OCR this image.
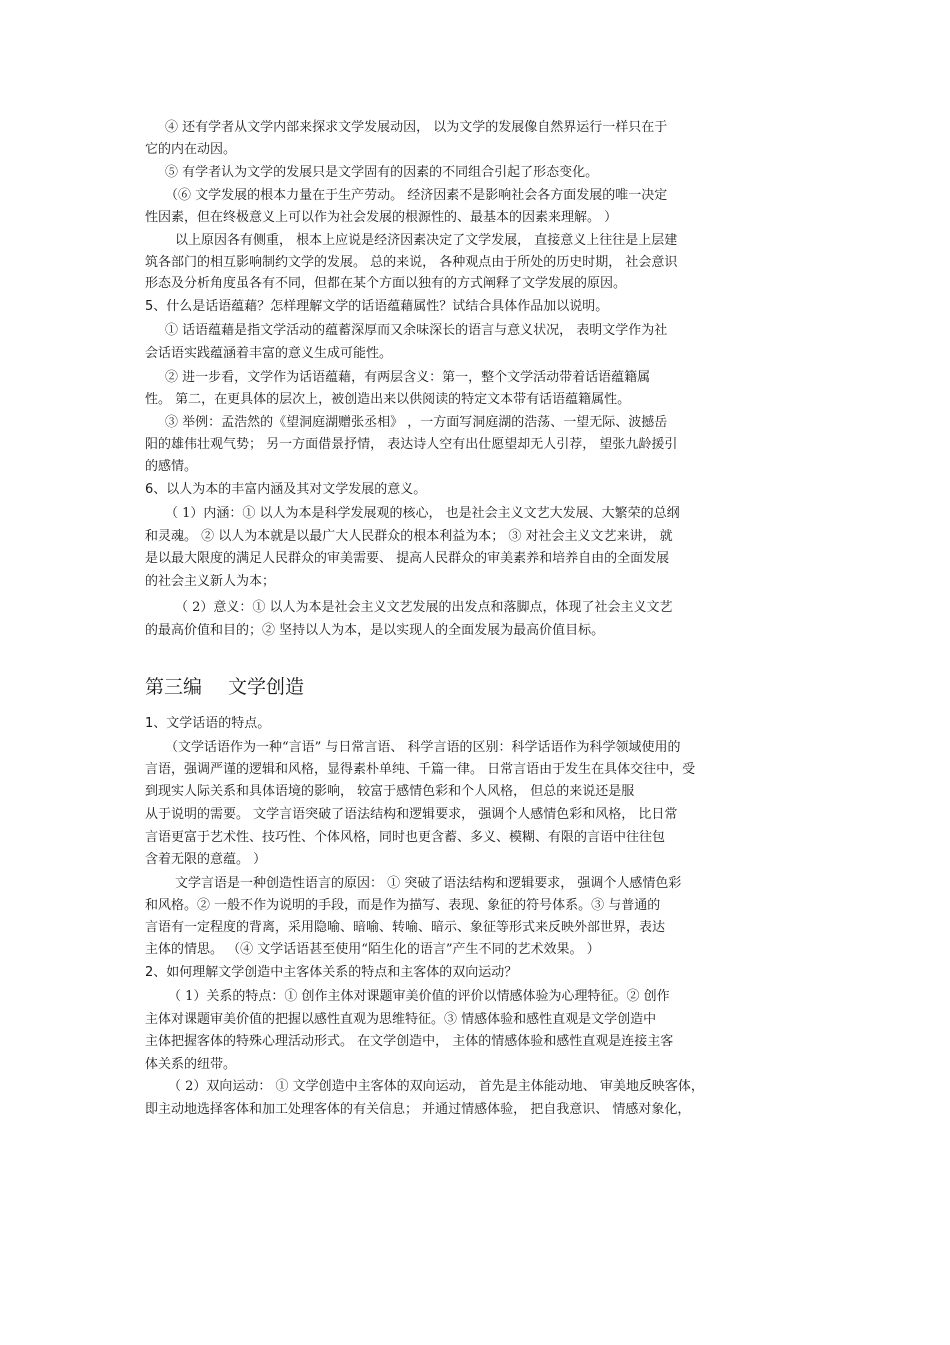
④ 还有学者从文学内部来探求文学发展动因， 以为文学的发展像自然界运行一样只在于
它的内在动因。
⑤ 有学者认为文学的发展只是文学固有的因素的不同组合引起了形态变化。
（⑥ 文学发展的根本力量在于生产劳动。 经济因素不是影响社会各方面发展的唯一决定
性因素，但在终极意义上可以作为社会发展的根源性的、最基本的因素来理解。 ）
以上原因各有侧重， 根本上应说是经济因素决定了文学发展， 直接意义上往往是上层建
筑各部门的相互影响制约文学的发展。 总的来说， 各种观点由于所处的历史时期， 社会意识
形态及分析角度虽各有不同，但都在某个方面以独有的方式阐释了文学发展的原因。
5、什么是话语蕴藉？怎样理解文学的话语蕴藉属性？试结合具体作品加以说明。
① 话语蕴藉是指文学活动的蕴蓄深厚而又余味深长的语言与意义状况， 表明文学作为社
会话语实践蕴涵着丰富的意义生成可能性。
② 进一步看，文学作为话语蕴藉，有两层含义：第一，整个文学活动带着话语蕴籍属
性。 第二，在更具体的层次上，被创造出来以供阅读的特定文本带有话语蕴籍属性。
③ 举例：孟浩然的《望洞庭湖赠张丞相》 ，一方面写洞庭湖的浩荡、一望无际、波撼岳
阳的雄伟壮观气势； 另一方面借景抒情， 表达诗人空有出仕愿望却无人引荐， 望张九龄援引
的感情。
6、以人为本的丰富内涵及其对文学发展的意义。
（ 1）内涵：① 以人为本是科学发展观的核心， 也是社会主义文艺大发展、大繁荣的总纲
和灵魂。 ② 以人为本就是以最广大人民群众的根本利益为本； ③ 对社会主义文艺来讲， 就
是以最大限度的满足人民群众的审美需要、 提高人民群众的审美素养和培养自由的全面发展
的社会主义新人为本；
（ 2）意义：① 以人为本是社会主义文艺发展的出发点和落脚点，体现了社会主义文艺
的最高价值和目的；② 坚持以人为本，是以实现人的全面发展为最高价值目标。
第三编 文学创造
1、文学话语的特点。
（文学话语作为一种“言语” 与日常言语、 科学言语的区别：科学话语作为科学领域使用的
言语，强调严谨的逻辑和风格，显得素朴单纯、千篇一律。 日常言语由于发生在具体交往中，受
到现实人际关系和具体语境的影响， 较富于感情色彩和个人风格， 但总的来说还是服
从于说明的需要。 文学言语突破了语法结构和逻辑要求， 强调个人感情色彩和风格， 比日常
言语更富于艺术性、技巧性、个体风格，同时也更含蓄、多义、模糊、有限的言语中往往包
含着无限的意蕴。 ）
文学言语是一种创造性语言的原因： ① 突破了语法结构和逻辑要求， 强调个人感情色彩
和风格。② 一般不作为说明的手段，而是作为描写、表现、象征的符号体系。③ 与普通的
言语有一定程度的背离，采用隐喻、暗喻、转喻、暗示、象征等形式来反映外部世界，表达
主体的情思。 （④ 文学话语甚至使用“陌生化的语言”产生不同的艺术效果。 ）
2、如何理解文学创造中主客体关系的特点和主客体的双向运动？
（ 1）关系的特点：① 创作主体对课题审美价值的评价以情感体验为心理特征。② 创作
主体对课题审美价值的把握以感性直观为思维特征。③ 情感体验和感性直观是文学创造中
主体把握客体的特殊心理活动形式。 在文学创造中， 主体的情感体验和感性直观是连接主客
体关系的纽带。
（ 2）双向运动： ① 文学创造中主客体的双向运动， 首先是主体能动地、 审美地反映客体，
即主动地选择客体和加工处理客体的有关信息； 并通过情感体验， 把自我意识、 情感对象化，
